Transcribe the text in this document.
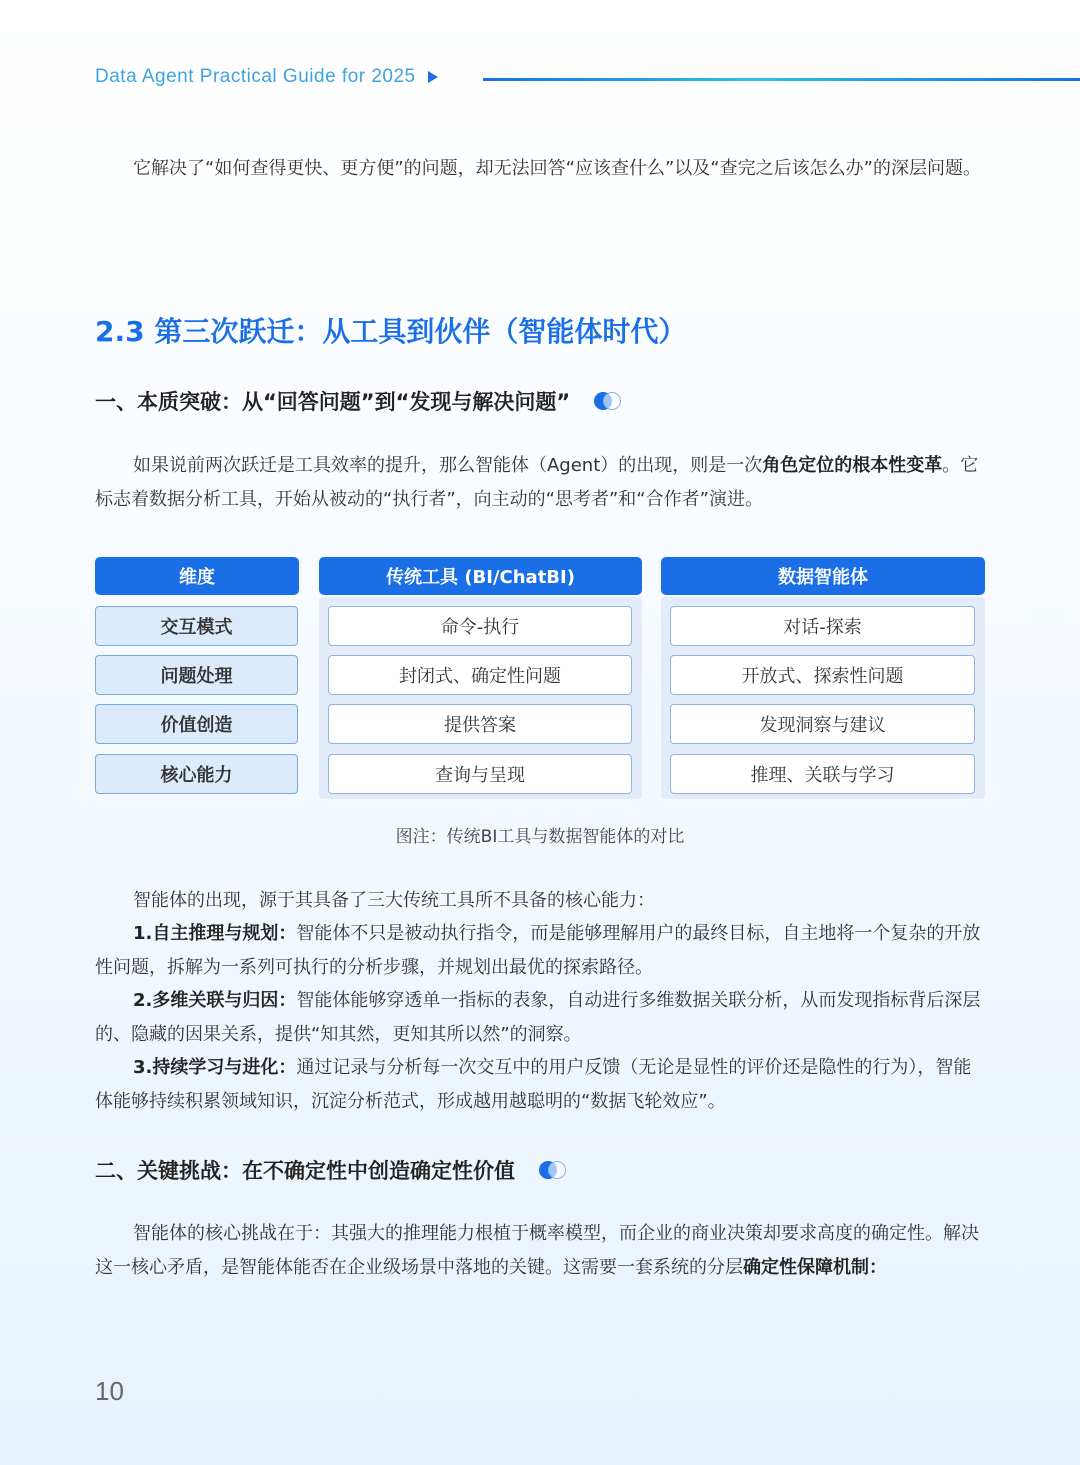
Data Agent Practical Guide for 2025

它解决了“如何查得更快、更方便”的问题，却无法回答“应该查什么”以及“查完之后该怎么办”的深层问题。

2.3 第三次跃迁：从工具到伙伴（智能体时代）
一、本质突破：从“回答问题”到“发现与解决问题”

如果说前两次跃迁是工具效率的提升，那么智能体（Agent）的出现，则是一次角色定位的根本性变革。它标志着数据分析工具，开始从被动的“执行者”，向主动的“思考者”和“合作者”演进。

维度
交互模式
问题处理
价值创造
核心能力
传统工具 (BI/ChatBI)
命令-执行
封闭式、确定性问题
提供答案
查询与呈现
数据智能体
对话-探索
开放式、探索性问题
发现洞察与建议
推理、关联与学习
图注：传统BI工具与数据智能体的对比

智能体的出现，源于其具备了三大传统工具所不具备的核心能力：

1.自主推理与规划：智能体不只是被动执行指令，而是能够理解用户的最终目标，自主地将一个复杂的开放性问题，拆解为一系列可执行的分析步骤，并规划出最优的探索路径。

2.多维关联与归因：智能体能够穿透单一指标的表象，自动进行多维数据关联分析，从而发现指标背后深层的、隐藏的因果关系，提供“知其然，更知其所以然”的洞察。

3.持续学习与进化：通过记录与分析每一次交互中的用户反馈（无论是显性的评价还是隐性的行为），智能体能够持续积累领域知识，沉淀分析范式，形成越用越聪明的“数据飞轮效应”。

二、关键挑战：在不确定性中创造确定性价值

智能体的核心挑战在于：其强大的推理能力根植于概率模型，而企业的商业决策却要求高度的确定性。解决这一核心矛盾，是智能体能否在企业级场景中落地的关键。这需要一套系统的分层确定性保障机制：

10
